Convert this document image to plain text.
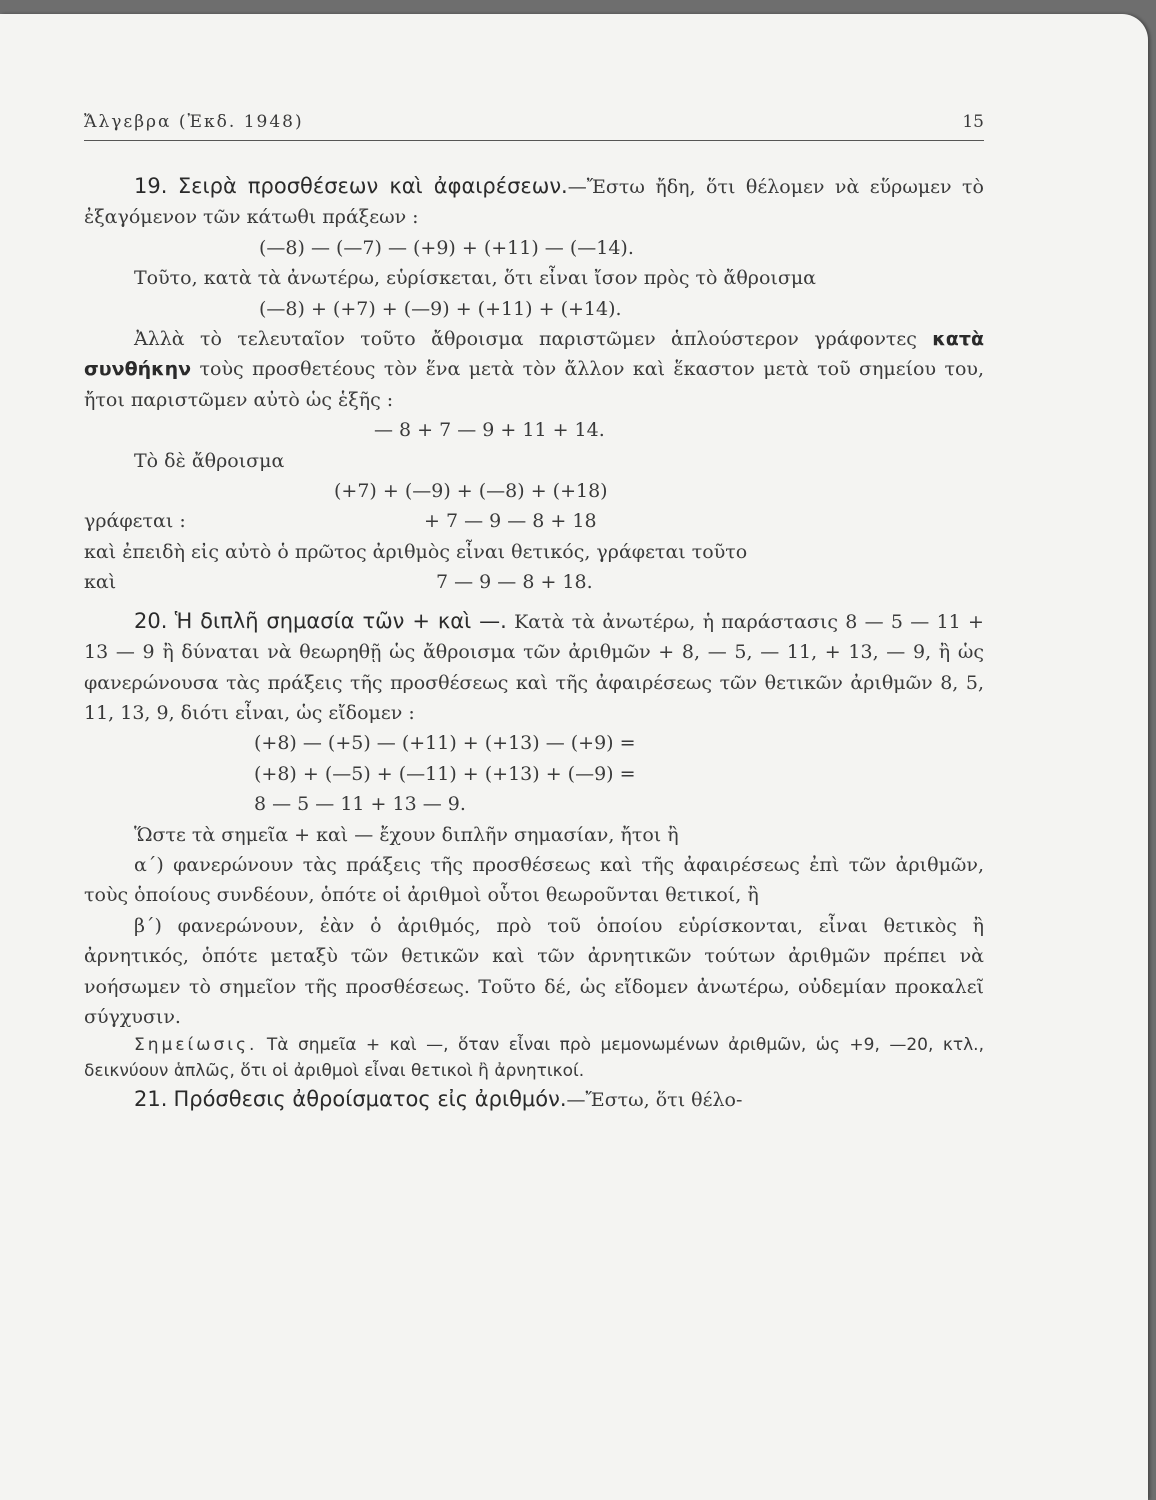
Ἄλγεβρα (Ἐκδ. 1948)	15

19. Σειρὰ προσθέσεων καὶ ἀφαιρέσεων.—Ἔστω ἤδη, ὅτι θέλομεν νὰ εὕρωμεν τὸ ἐξαγόμενον τῶν κάτωθι πράξεων :

(—8) — (—7) — (+9) + (+11) — (—14).

Τοῦτο, κατὰ τὰ ἀνωτέρω, εὑρίσκεται, ὅτι εἶναι ἴσον πρὸς τὸ ἄθροισμα

(—8) + (+7) + (—9) + (+11) + (+14).

Ἀλλὰ τὸ τελευταῖον τοῦτο ἄθροισμα παριστῶμεν ἁπλούστερον γράφοντες κατὰ συνθήκην τοὺς προσθετέους τὸν ἕνα μετὰ τὸν ἄλλον καὶ ἕκαστον μετὰ τοῦ σημείου του, ἤτοι παριστῶμεν αὐτὸ ὡς ἑξῆς :

— 8 + 7 — 9 + 11 + 14.

Τὸ δὲ ἄθροισμα

(+7) + (—9) + (—8) + (+18)

γράφεται :	+ 7 — 9 — 8 + 18

καὶ ἐπειδὴ εἰς αὐτὸ ὁ πρῶτος ἀριθμὸς εἶναι θετικός, γράφεται τοῦτο

καὶ	7 — 9 — 8 + 18.

20. Ἡ διπλῆ σημασία τῶν + καὶ —. Κατὰ τὰ ἀνωτέρω, ἡ παράστασις 8 — 5 — 11 + 13 — 9 ἢ δύναται νὰ θεωρηθῇ ὡς ἄθροισμα τῶν ἀριθμῶν + 8, — 5, — 11, + 13, — 9, ἢ ὡς φανερώνουσα τὰς πράξεις τῆς προσθέσεως καὶ τῆς ἀφαιρέσεως τῶν θετικῶν ἀριθμῶν 8, 5, 11, 13, 9, διότι εἶναι, ὡς εἴδομεν :

(+8) — (+5) — (+11) + (+13) — (+9) =

(+8) + (—5) + (—11) + (+13) + (—9) =

8 — 5 — 11 + 13 — 9.

Ὥστε τὰ σημεῖα + καὶ — ἔχουν διπλῆν σημασίαν, ἤτοι ἢ

α΄) φανερώνουν τὰς πράξεις τῆς προσθέσεως καὶ τῆς ἀφαιρέσεως ἐπὶ τῶν ἀριθμῶν, τοὺς ὁποίους συνδέουν, ὁπότε οἱ ἀριθμοὶ οὗτοι θεωροῦνται θετικοί, ἢ

β΄) φανερώνουν, ἐὰν ὁ ἀριθμός, πρὸ τοῦ ὁποίου εὑρίσκονται, εἶναι θετικὸς ἢ ἀρνητικός, ὁπότε μεταξὺ τῶν θετικῶν καὶ τῶν ἀρνητικῶν τούτων ἀριθμῶν πρέπει νὰ νοήσωμεν τὸ σημεῖον τῆς προσθέσεως. Τοῦτο δέ, ὡς εἴδομεν ἀνωτέρω, οὐδεμίαν προκαλεῖ σύγχυσιν.

Σημείωσις. Τὰ σημεῖα + καὶ —, ὅταν εἶναι πρὸ μεμονωμένων ἀριθμῶν, ὡς +9, —20, κτλ., δεικνύουν ἁπλῶς, ὅτι οἱ ἀριθμοὶ εἶναι θετικοὶ ἢ ἀρνητικοί.

21. Πρόσθεσις ἀθροίσματος εἰς ἀριθμόν.—Ἔστω, ὅτι θέλο-
